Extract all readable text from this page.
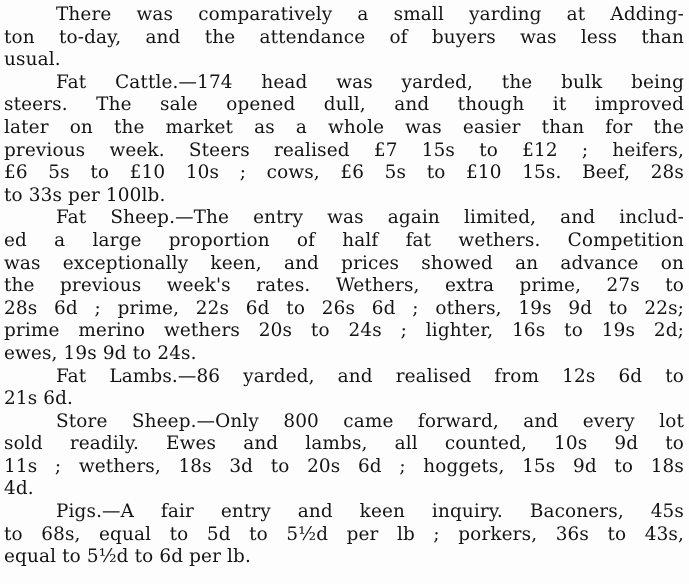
There was comparatively a small yarding at Adding-
ton to-day, and the attendance of buyers was less than
usual.
Fat Cattle.—174 head was yarded, the bulk being
steers. The sale opened dull, and though it improved
later on the market as a whole was easier than for the
previous week. Steers realised £7 15s to £12 ; heifers,
£6 5s to £10 10s ; cows, £6 5s to £10 15s. Beef, 28s
to 33s per 100lb.
Fat Sheep.—The entry was again limited, and includ-
ed a large proportion of half fat wethers. Competition
was exceptionally keen, and prices showed an advance on
the previous week's rates. Wethers, extra prime, 27s to
28s 6d ; prime, 22s 6d to 26s 6d ; others, 19s 9d to 22s;
prime merino wethers 20s to 24s ; lighter, 16s to 19s 2d;
ewes, 19s 9d to 24s.
Fat Lambs.—86 yarded, and realised from 12s 6d to
21s 6d.
Store Sheep.—Only 800 came forward, and every lot
sold readily. Ewes and lambs, all counted, 10s 9d to
11s ; wethers, 18s 3d to 20s 6d ; hoggets, 15s 9d to 18s
4d.
Pigs.—A fair entry and keen inquiry. Baconers, 45s
to 68s, equal to 5d to 5½d per lb ; porkers, 36s to 43s,
equal to 5½d to 6d per lb.
